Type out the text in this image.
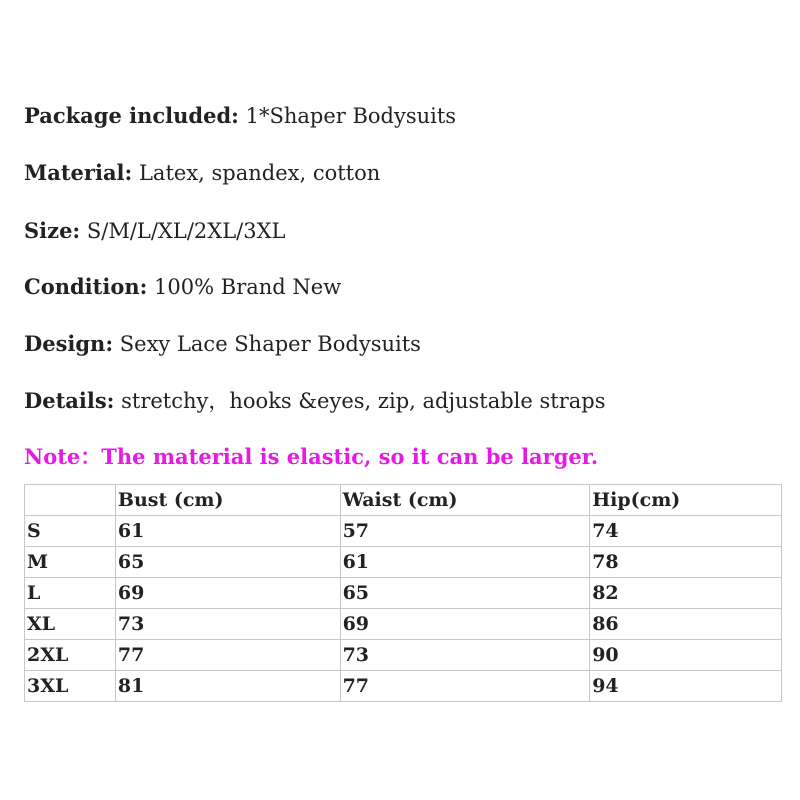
Package included: 1*Shaper Bodysuits
Material: Latex, spandex, cotton
Size: S/M/L/XL/2XL/3XL
Condition: 100% Brand New
Design: Sexy Lace Shaper Bodysuits
Details: stretchy，hooks &eyes, zip, adjustable straps
Note：The material is elastic, so it can be larger.
	Bust (cm)	Waist (cm)	Hip(cm)
S	61	57	74
M	65	61	78
L	69	65	82
XL	73	69	86
2XL	77	73	90
3XL	81	77	94
